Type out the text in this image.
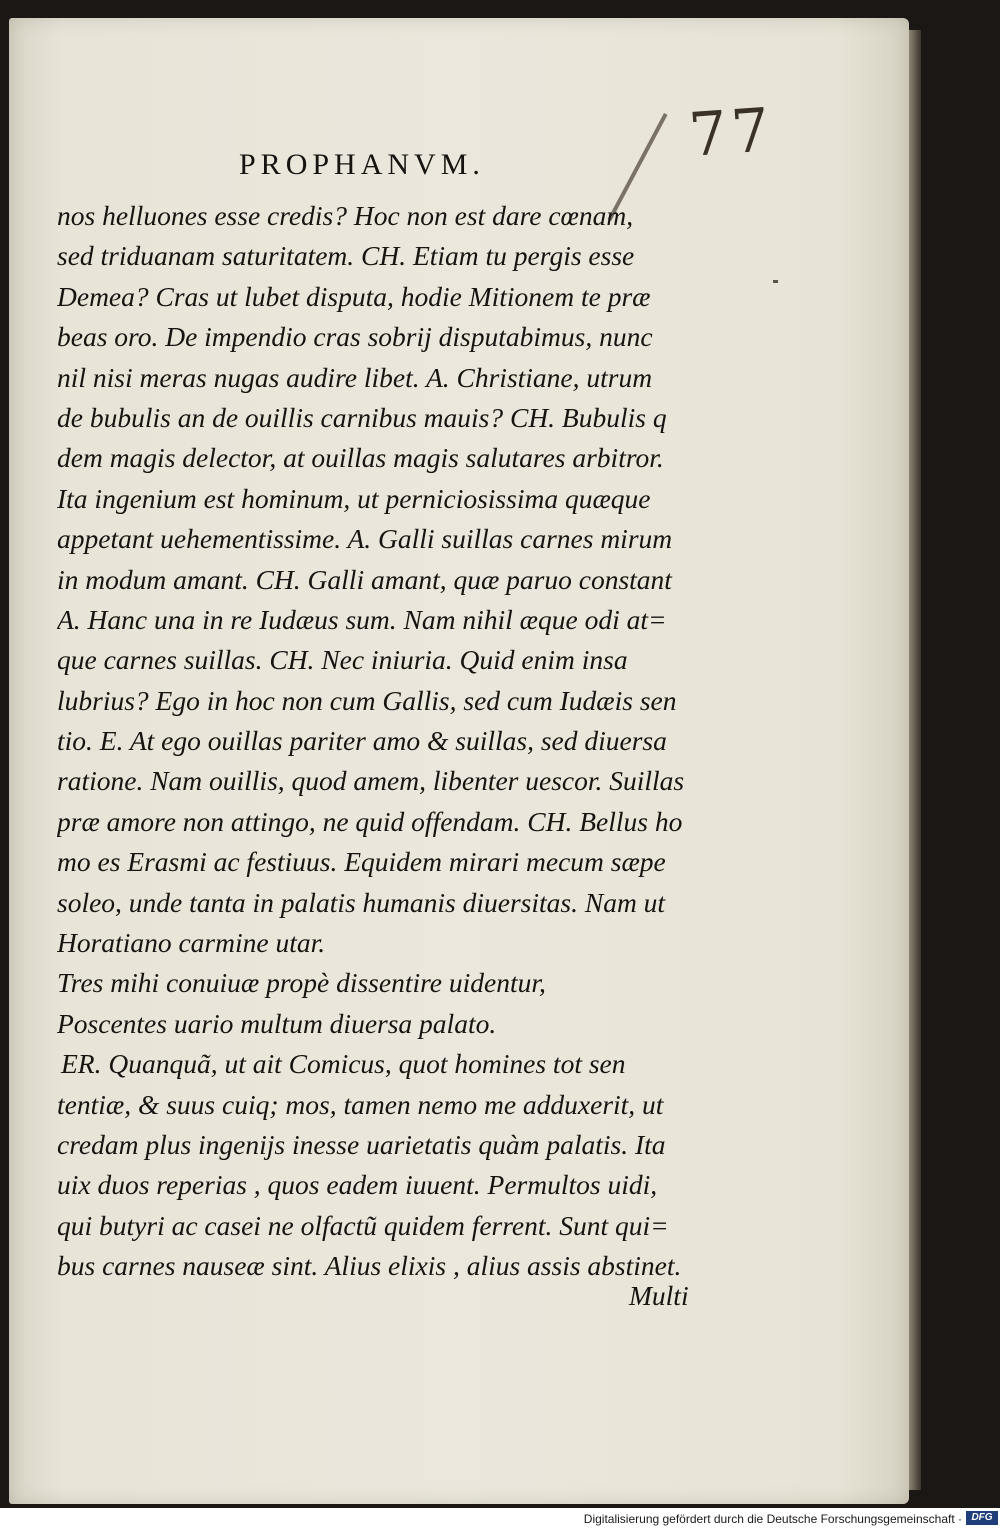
77
PROPHANVM.
nos helluones esse credis? Hoc non est dare cœnam,
sed triduanam saturitatem. CH. Etiam tu pergis esse
Demea? Cras ut lubet disputa, hodie Mitionem te præ
beas oro. De impendio cras sobrij disputabimus, nunc
nil nisi meras nugas audire libet. A. Christiane, utrum
de bubulis an de ouillis carnibus mauis? CH. Bubulis q
dem magis delector, at ouillas magis salutares arbitror.
Ita ingenium est hominum, ut perniciosissima quæque
appetant uehementissime. A. Galli suillas carnes mirum
in modum amant. CH. Galli amant, quæ paruo constant
A. Hanc una in re Iudæus sum. Nam nihil æque odi at=
que carnes suillas. CH. Nec iniuria. Quid enim insa
lubrius? Ego in hoc non cum Gallis, sed cum Iudæis sen
tio. E. At ego ouillas pariter amo & suillas, sed diuersa
ratione. Nam ouillis, quod amem, libenter uescor. Suillas
præ amore non attingo, ne quid offendam. CH. Bellus ho
mo es Erasmi ac festiuus. Equidem mirari mecum sæpe
soleo, unde tanta in palatis humanis diuersitas. Nam ut
Horatiano carmine utar.
Tres mihi conuiuæ propè dissentire uidentur,
Poscentes uario multum diuersa palato.
ER. Quanquã, ut ait Comicus, quot homines tot sen
tentiæ, & suus cuiq; mos, tamen nemo me adduxerit, ut
credam plus ingenijs inesse uarietatis quàm palatis. Ita
uix duos reperias , quos eadem iuuent. Permultos uidi,
qui butyri ac casei ne olfactũ quidem ferrent. Sunt qui=
bus carnes nauseæ sint. Alius elixis , alius assis abstinet.
Multi
Digitalisierung gefördert durch die Deutsche Forschungsgemeinschaft · DFG
